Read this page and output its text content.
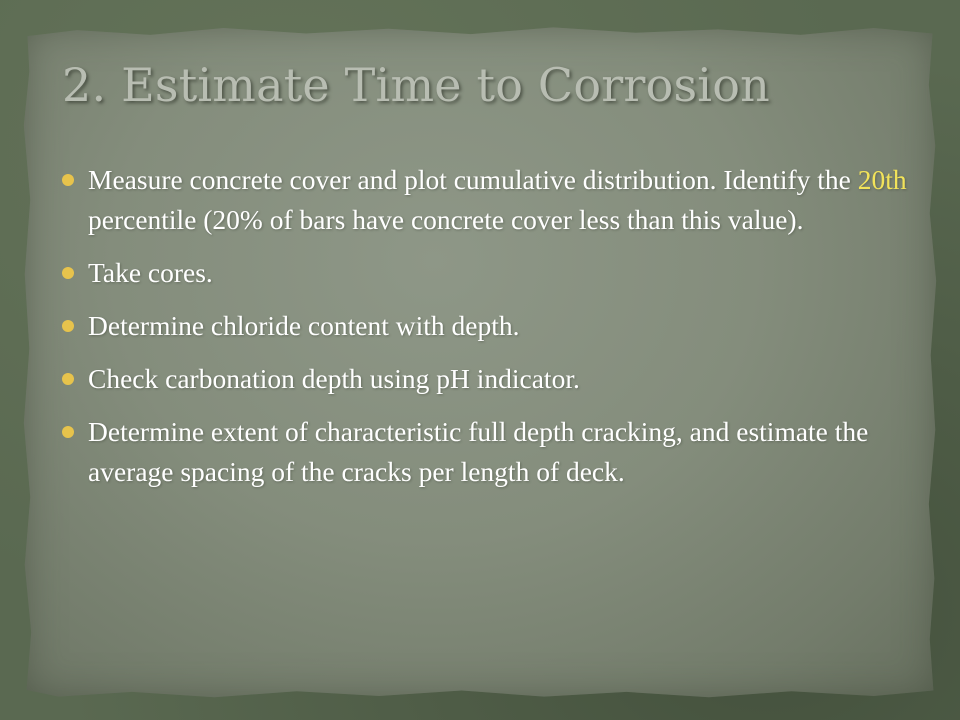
2. Estimate Time to Corrosion
Measure concrete cover and plot cumulative distribution. Identify the 20th percentile (20% of bars have concrete cover less than this value).
Take cores.
Determine chloride content with depth.
Check carbonation depth using pH indicator.
Determine extent of characteristic full depth cracking, and estimate the average spacing of the cracks per length of deck.
